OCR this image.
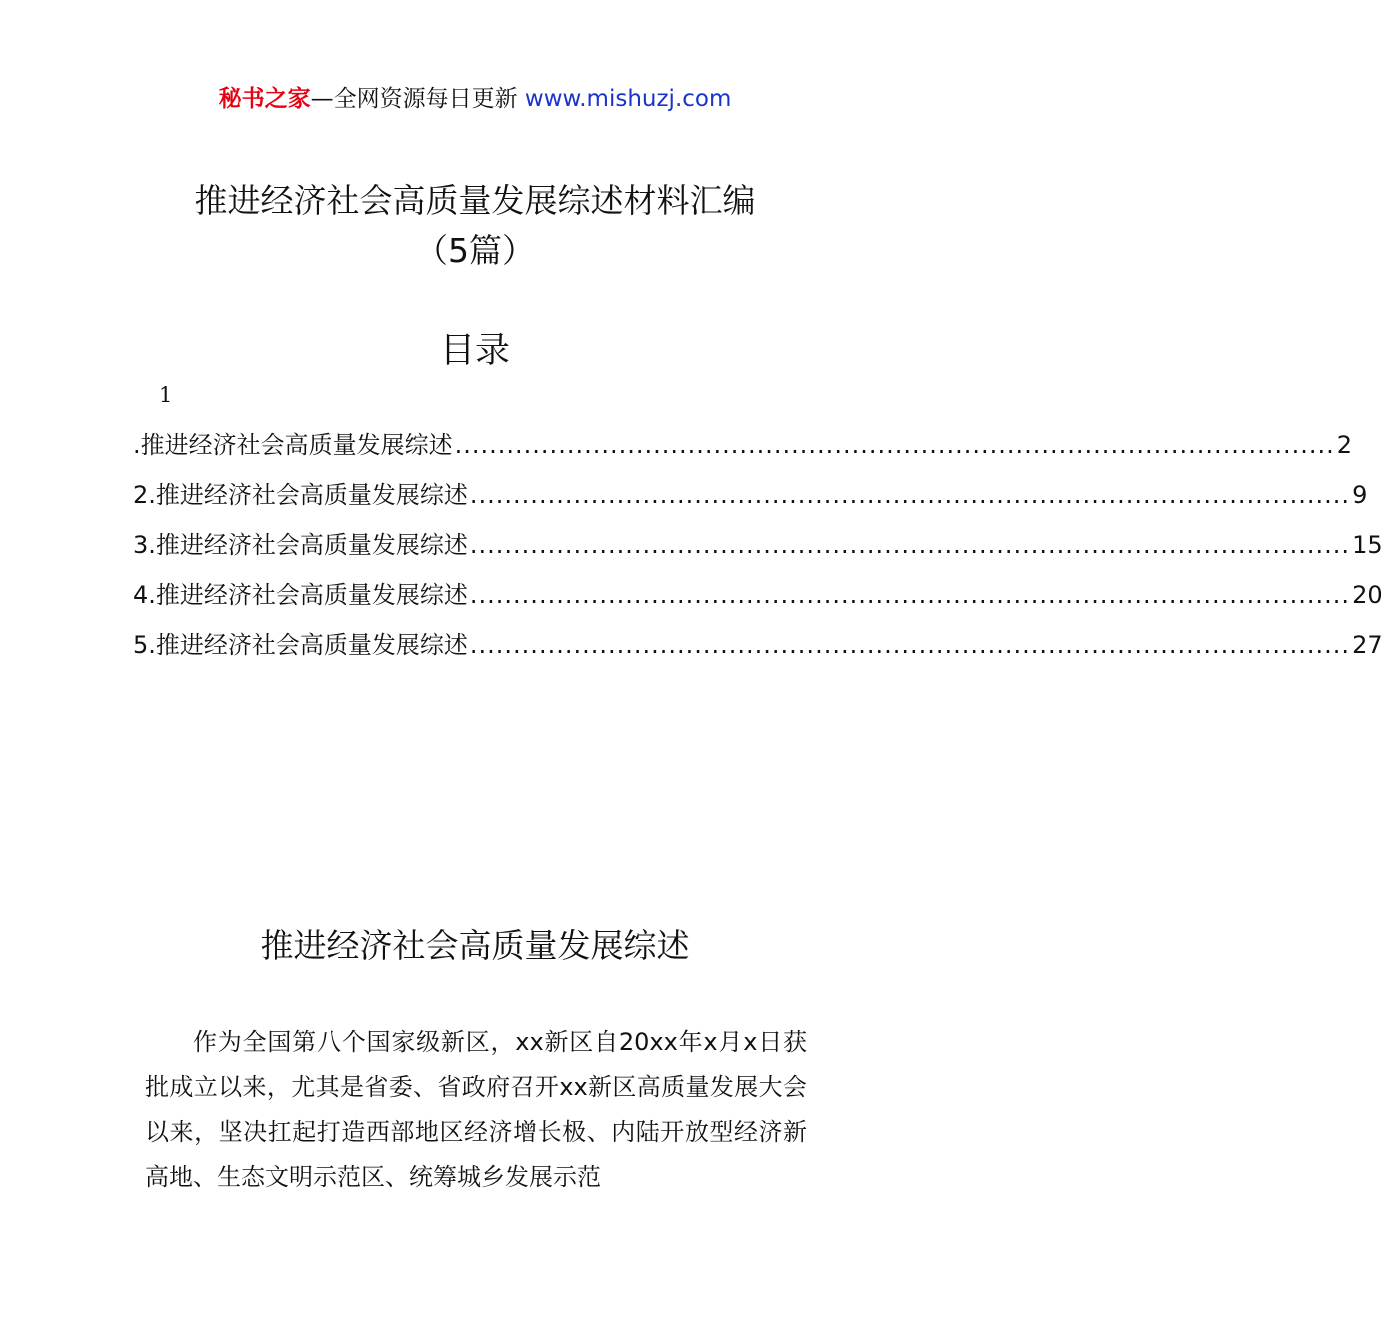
秘书之家—全网资源每日更新 www.mishuzj.com
推进经济社会高质量发展综述材料汇编
（5篇）
目录
1
.推进经济社会高质量发展综述 ...................................................................................................... 2
2.推进经济社会高质量发展综述 ...................................................................................................... 9
3.推进经济社会高质量发展综述 ...................................................................................................... 15
4.推进经济社会高质量发展综述 ...................................................................................................... 20
5.推进经济社会高质量发展综述 ...................................................................................................... 27
推进经济社会高质量发展综述
作为全国第八个国家级新区，xx新区自20xx年x月x日获批成立以来，尤其是省委、省政府召开xx新区高质量发展大会以来，坚决扛起打造西部地区经济增长极、内陆开放型经济新高地、生态文明示范区、统筹城乡发展示范
